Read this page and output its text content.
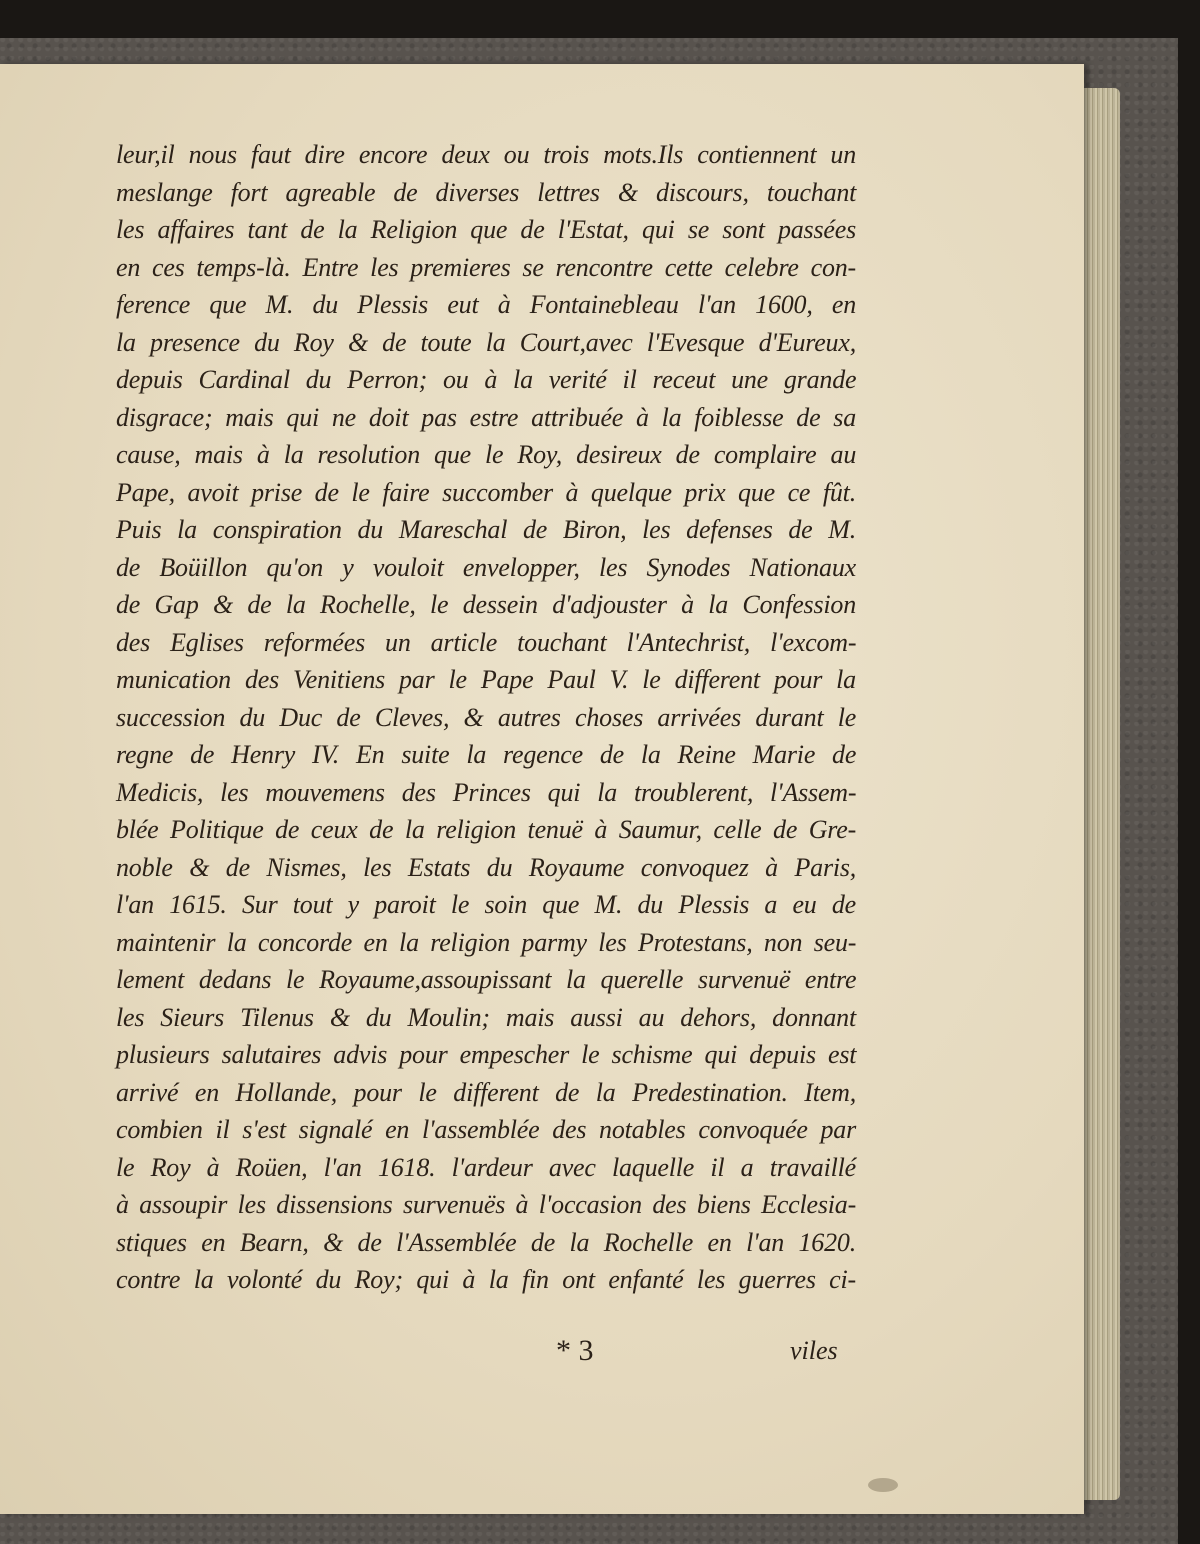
leur,il nous faut dire encore deux ou trois mots.Ils contiennent un
meslange fort agreable de diverses lettres & discours, touchant
les affaires tant de la Religion que de l'Estat, qui se sont passées
en ces temps-là. Entre les premieres se rencontre cette celebre con-
ference que M. du Plessis eut à Fontainebleau l'an 1600, en
la presence du Roy & de toute la Court,avec l'Evesque d'Eureux,
depuis Cardinal du Perron; ou à la verité il receut une grande
disgrace; mais qui ne doit pas estre attribuée à la foiblesse de sa
cause, mais à la resolution que le Roy, desireux de complaire au
Pape, avoit prise de le faire succomber à quelque prix que ce fût.
Puis la conspiration du Mareschal de Biron, les defenses de M.
de Boüillon qu'on y vouloit envelopper, les Synodes Nationaux
de Gap & de la Rochelle, le dessein d'adjouster à la Confession
des Eglises reformées un article touchant l'Antechrist, l'excom-
munication des Venitiens par le Pape Paul V. le different pour la
succession du Duc de Cleves, & autres choses arrivées durant le
regne de Henry IV. En suite la regence de la Reine Marie de
Medicis, les mouvemens des Princes qui la troublerent, l'Assem-
blée Politique de ceux de la religion tenuë à Saumur, celle de Gre-
noble & de Nismes, les Estats du Royaume convoquez à Paris,
l'an 1615. Sur tout y paroit le soin que M. du Plessis a eu de
maintenir la concorde en la religion parmy les Protestans, non seu-
lement dedans le Royaume,assoupissant la querelle survenuë entre
les Sieurs Tilenus & du Moulin; mais aussi au dehors, donnant
plusieurs salutaires advis pour empescher le schisme qui depuis est
arrivé en Hollande, pour le different de la Predestination. Item,
combien il s'est signalé en l'assemblée des notables convoquée par
le Roy à Roüen, l'an 1618. l'ardeur avec laquelle il a travaillé
à assoupir les dissensions survenuës à l'occasion des biens Ecclesia-
stiques en Bearn, & de l'Assemblée de la Rochelle en l'an 1620.
contre la volonté du Roy; qui à la fin ont enfanté les guerres ci-
* 3	viles
